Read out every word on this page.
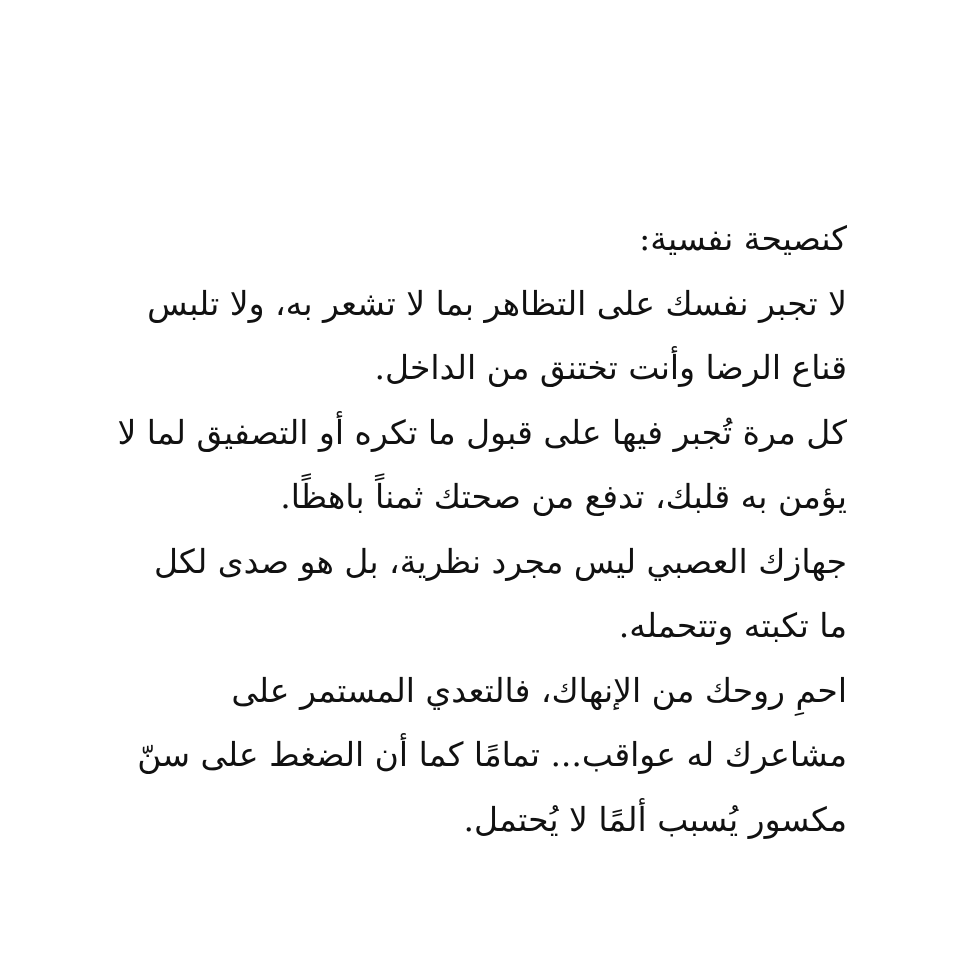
كنصيحة نفسية:
لا تجبر نفسك على التظاهر بما لا تشعر به، ولا تلبس
قناع الرضا وأنت تختنق من الداخل.
كل مرة تُجبر فيها على قبول ما تكره أو التصفيق لما لا
يؤمن به قلبك، تدفع من صحتك ثمناً باهظًا.
جهازك العصبي ليس مجرد نظرية، بل هو صدى لكل
ما تكبته وتتحمله.
احمِ روحك من الإنهاك، فالتعدي المستمر على
مشاعرك له عواقب... تمامًا كما أن الضغط على سنّ
مكسور يُسبب ألمًا لا يُحتمل.
